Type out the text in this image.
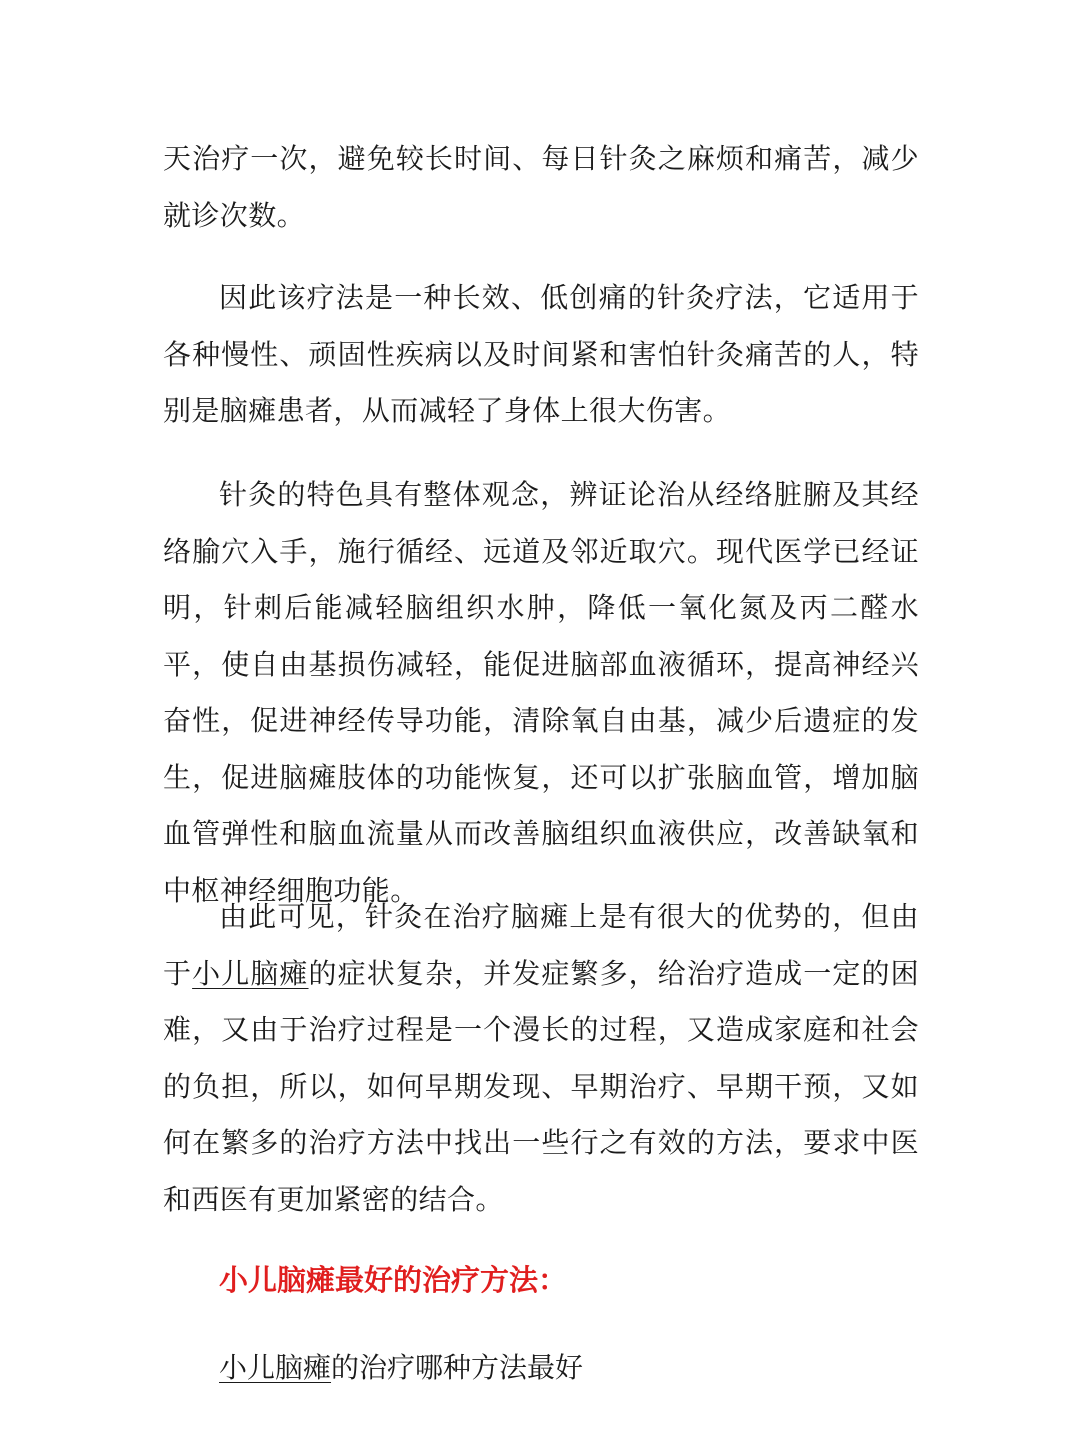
天治疗一次，避免较长时间、每日针灸之麻烦和痛苦，减少就诊次数。

因此该疗法是一种长效、低创痛的针灸疗法，它适用于各种慢性、顽固性疾病以及时间紧和害怕针灸痛苦的人，特别是脑瘫患者，从而减轻了身体上很大伤害。

针灸的特色具有整体观念，辨证论治从经络脏腑及其经络腧穴入手，施行循经、远道及邻近取穴。现代医学已经证明，针刺后能减轻脑组织水肿，降低一氧化氮及丙二醛水平，使自由基损伤减轻，能促进脑部血液循环，提高神经兴奋性，促进神经传导功能，清除氧自由基，减少后遗症的发生，促进脑瘫肢体的功能恢复，还可以扩张脑血管，增加脑血管弹性和脑血流量从而改善脑组织血液供应，改善缺氧和中枢神经细胞功能。

由此可见，针灸在治疗脑瘫上是有很大的优势的，但由于小儿脑瘫的症状复杂，并发症繁多，给治疗造成一定的困难，又由于治疗过程是一个漫长的过程，又造成家庭和社会的负担，所以，如何早期发现、早期治疗、早期干预，又如何在繁多的治疗方法中找出一些行之有效的方法，要求中医和西医有更加紧密的结合。

小儿脑瘫最好的治疗方法：

小儿脑瘫的治疗哪种方法最好
